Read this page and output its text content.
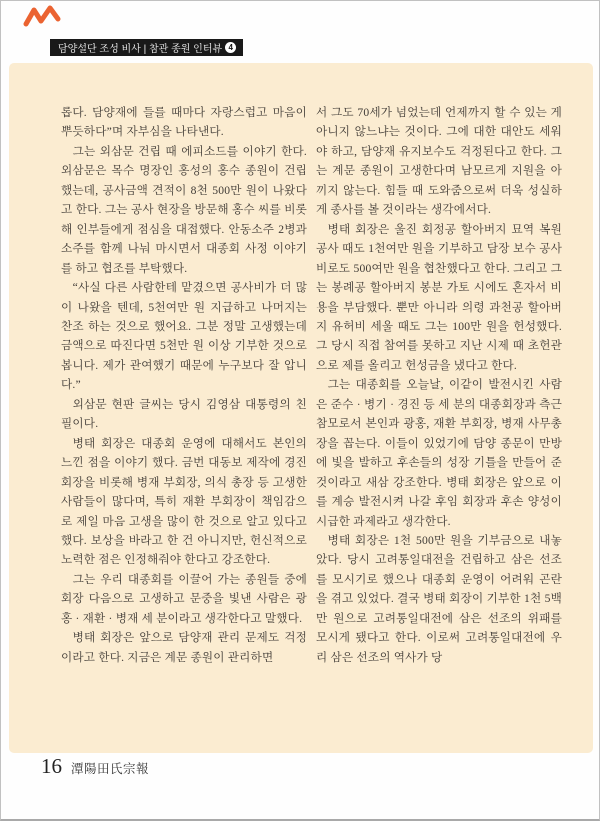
담양설단 조성 비사 | 참관 종원 인터뷰 4

롭다. 담양재에 들를 때마다 자랑스럽고 마음이 뿌듯하다”며 자부심을 나타낸다.

그는 외삼문 건립 때 에피소드를 이야기 한다. 외삼문은 목수 명장인 홍성의 홍수 종원이 건립했는데, 공사금액 견적이 8천 500만 원이 나왔다고 한다. 그는 공사 현장을 방문해 홍수 씨를 비롯해 인부들에게 점심을 대접했다. 안동소주 2병과 소주를 함께 나눠 마시면서 대종회 사정 이야기를 하고 협조를 부탁했다.

“사실 다른 사람한테 맡겼으면 공사비가 더 많이 나왔을 텐데, 5천여만 원 지급하고 나머지는 찬조 하는 것으로 했어요. 그분 정말 고생했는데 금액으로 따진다면 5천만 원 이상 기부한 것으로 봅니다. 제가 관여했기 때문에 누구보다 잘 압니다.”

외삼문 현판 글씨는 당시 김영삼 대통령의 친필이다.

병태 회장은 대종회 운영에 대해서도 본인의 느낀 점을 이야기 했다. 금번 대동보 제작에 경진 회장을 비롯해 병재 부회장, 의식 총장 등 고생한 사람들이 많다며, 특히 재환 부회장이 책임감으로 제일 마음 고생을 많이 한 것으로 알고 있다고 했다. 보상을 바라고 한 건 아니지만, 헌신적으로 노력한 점은 인정해줘야 한다고 강조한다.

그는 우리 대종회를 이끌어 가는 종원들 중에 회장 다음으로 고생하고 문중을 빛낸 사람은 광홍 · 재환 · 병재 세 분이라고 생각한다고 말했다.

병태 회장은 앞으로 담양재 관리 문제도 걱정이라고 한다. 지금은 계문 종원이 관리하면

서 그도 70세가 넘었는데 언제까지 할 수 있는 게 아니지 않느냐는 것이다. 그에 대한 대안도 세워야 하고, 담양재 유지보수도 걱정된다고 한다. 그는 계문 종원이 고생한다며 남모르게 지원을 아끼지 않는다. 힘들 때 도와줌으로써 더욱 성실하게 종사를 볼 것이라는 생각에서다.

병태 회장은 울진 회정공 할아버지 묘역 복원 공사 때도 1천여만 원을 기부하고 담장 보수 공사비로도 500여만 원을 협찬했다고 한다. 그리고 그는 봉례공 할아버지 봉분 가토 시에도 혼자서 비용을 부담했다. 뿐만 아니라 의령 과천공 할아버지 유허비 세울 때도 그는 100만 원을 헌성했다. 그 당시 직접 참여를 못하고 지난 시제 때 초헌관으로 제를 올리고 헌성금을 냈다고 한다.

그는 대종회를 오늘날, 이같이 발전시킨 사람은 준수 · 병기 · 경진 등 세 분의 대종회장과 측근 참모로서 본인과 광홍, 재환 부회장, 병재 사무총장을 꼽는다. 이들이 있었기에 담양 종문이 만방에 빛을 발하고 후손들의 성장 기틀을 만들어 준 것이라고 새삼 강조한다. 병태 회장은 앞으로 이를 계승 발전시켜 나갈 후임 회장과 후손 양성이 시급한 과제라고 생각한다.

병태 회장은 1천 500만 원을 기부금으로 내놓았다. 당시 고려통일대전을 건립하고 삼은 선조를 모시기로 했으나 대종회 운영이 어려워 곤란을 겪고 있었다. 결국 병태 회장이 기부한 1천 5백만 원으로 고려통일대전에 삼은 선조의 위패를 모시게 됐다고 한다. 이로써 고려통일대전에 우리 삼은 선조의 역사가 당

16 潭陽田氏宗報
